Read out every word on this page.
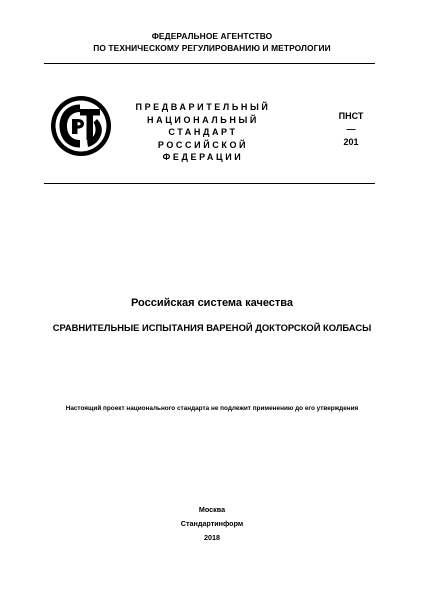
ФЕДЕРАЛЬНОЕ АГЕНТСТВО
ПО ТЕХНИЧЕСКОМУ РЕГУЛИРОВАНИЮ И МЕТРОЛОГИИ
ПРЕДВАРИТЕЛЬНЫЙ
НАЦИОНАЛЬНЫЙ
СТАНДАРТ
РОССИЙСКОЙ
ФЕДЕРАЦИИ
ПНСТ
—
201
Российская система качества
СРАВНИТЕЛЬНЫЕ ИСПЫТАНИЯ ВАРЕНОЙ ДОКТОРСКОЙ КОЛБАСЫ
Настоящий проект национального стандарта не подлежит применению до его утверждения
Москва
Стандартинформ
2018
